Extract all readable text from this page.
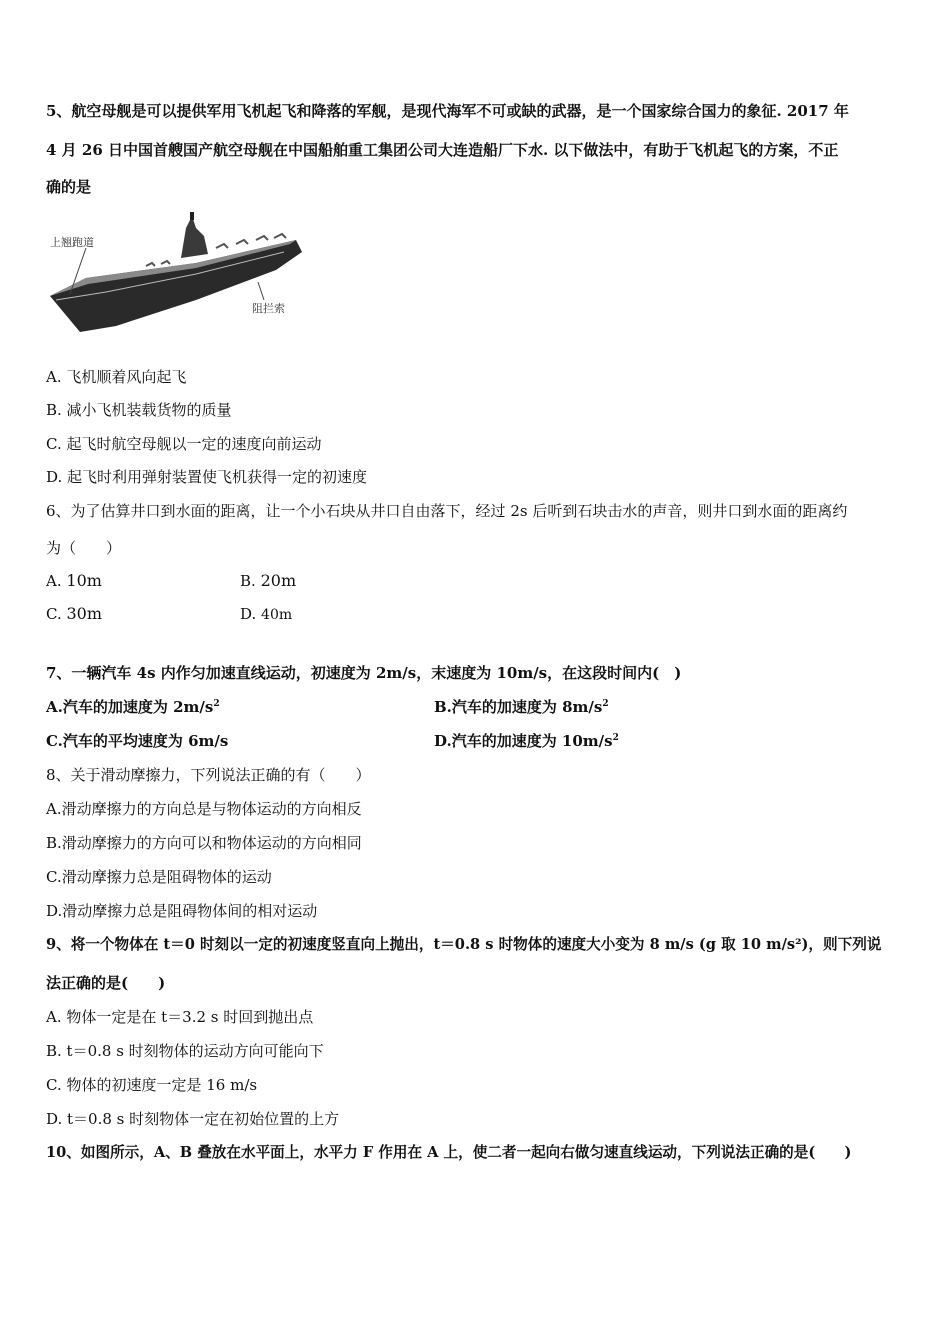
5、航空母舰是可以提供军用飞机起飞和降落的军舰，是现代海军不可或缺的武器，是一个国家综合国力的象征. 2017 年
4 月 26 日中国首艘国产航空母舰在中国船舶重工集团公司大连造船厂下水. 以下做法中，有助于飞机起飞的方案，不正
确的是
上翘跑道
阻拦索
A. 飞机顺着风向起飞
B. 减小飞机装载货物的质量
C. 起飞时航空母舰以一定的速度向前运动
D. 起飞时利用弹射装置使飞机获得一定的初速度
6、为了估算井口到水面的距离，让一个小石块从井口自由落下，经过 2s 后听到石块击水的声音，则井口到水面的距离约
为（　　）
A. 10m	B. 20m
C. 30m	D. 40m
7、一辆汽车 4s 内作匀加速直线运动，初速度为 2m/s，末速度为 10m/s，在这段时间内(　)
A.汽车的加速度为 $2m/s^2$	B.汽车的加速度为 $8m/s^2$
C.汽车的平均速度为 6m/s	D.汽车的加速度为 $10m/s^2$
8、关于滑动摩擦力，下列说法正确的有（　　）
A.滑动摩擦力的方向总是与物体运动的方向相反
B.滑动摩擦力的方向可以和物体运动的方向相同
C.滑动摩擦力总是阻碍物体的运动
D.滑动摩擦力总是阻碍物体间的相对运动
9、将一个物体在 t＝0 时刻以一定的初速度竖直向上抛出，t＝0.8 s 时物体的速度大小变为 8 m/s (g 取 10 m/s²)，则下列说
法正确的是(　　)
A. 物体一定是在 t＝3.2 s 时回到抛出点
B. t＝0.8 s 时刻物体的运动方向可能向下
C. 物体的初速度一定是 16 m/s
D. t＝0.8 s 时刻物体一定在初始位置的上方
10、如图所示，A、B 叠放在水平面上，水平力 F 作用在 A 上，使二者一起向右做匀速直线运动，下列说法正确的是(　　)
